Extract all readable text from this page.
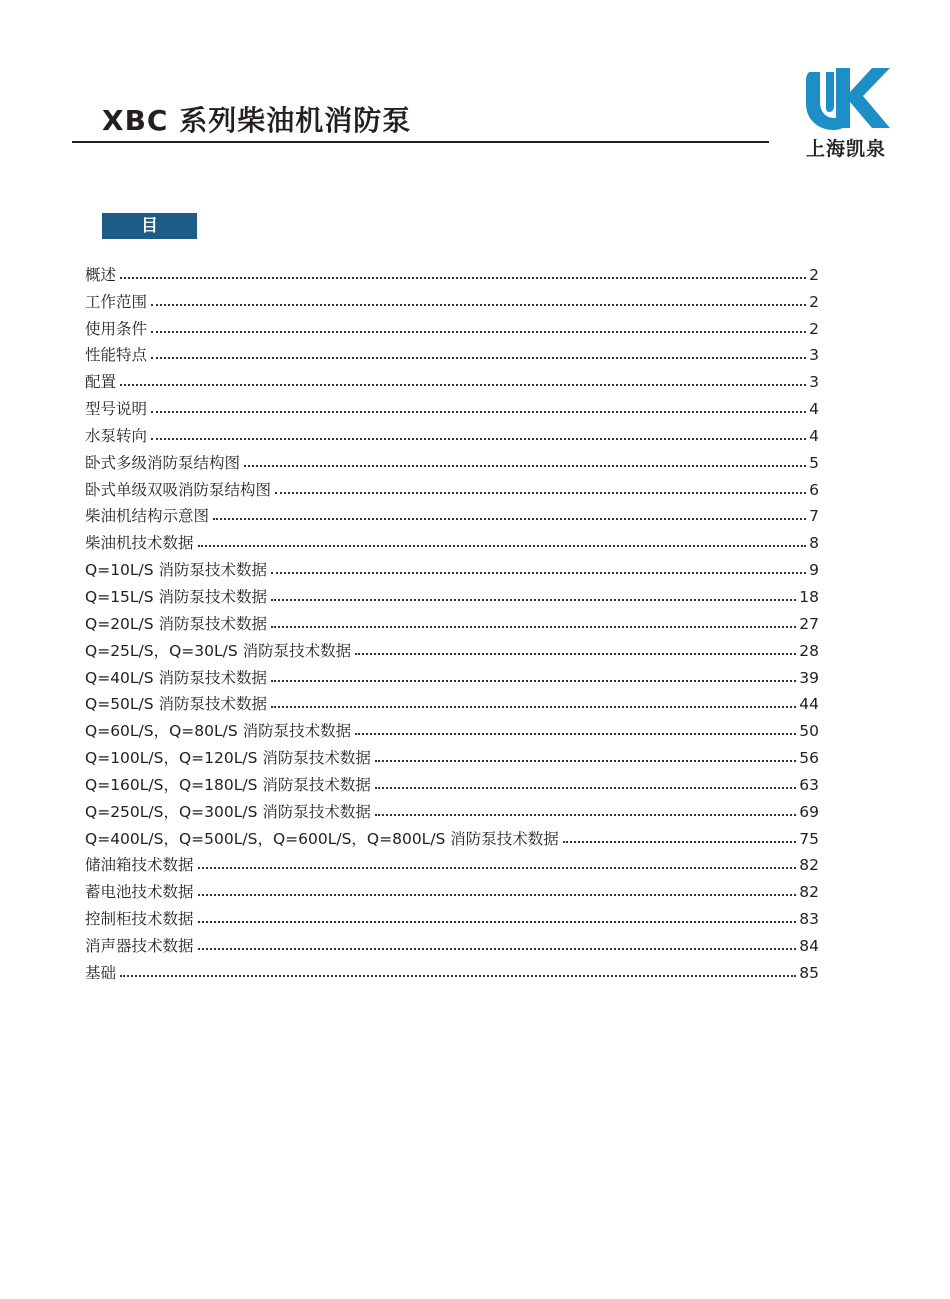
XBC 系列柴油机消防泵
上海凯泉
目 录
概述	2
工作范围	2
使用条件	2
性能特点	3
配置	3
型号说明	4
水泵转向	4
卧式多级消防泵结构图	5
卧式单级双吸消防泵结构图	6
柴油机结构示意图	7
柴油机技术数据	8
Q=10L/S 消防泵技术数据	9
Q=15L/S 消防泵技术数据	18
Q=20L/S 消防泵技术数据	27
Q=25L/S，Q=30L/S 消防泵技术数据	28
Q=40L/S 消防泵技术数据	39
Q=50L/S 消防泵技术数据	44
Q=60L/S，Q=80L/S 消防泵技术数据	50
Q=100L/S，Q=120L/S 消防泵技术数据	56
Q=160L/S，Q=180L/S 消防泵技术数据	63
Q=250L/S，Q=300L/S 消防泵技术数据	69
Q=400L/S，Q=500L/S，Q=600L/S，Q=800L/S 消防泵技术数据	75
储油箱技术数据	82
蓄电池技术数据	82
控制柜技术数据	83
消声器技术数据	84
基础	85
